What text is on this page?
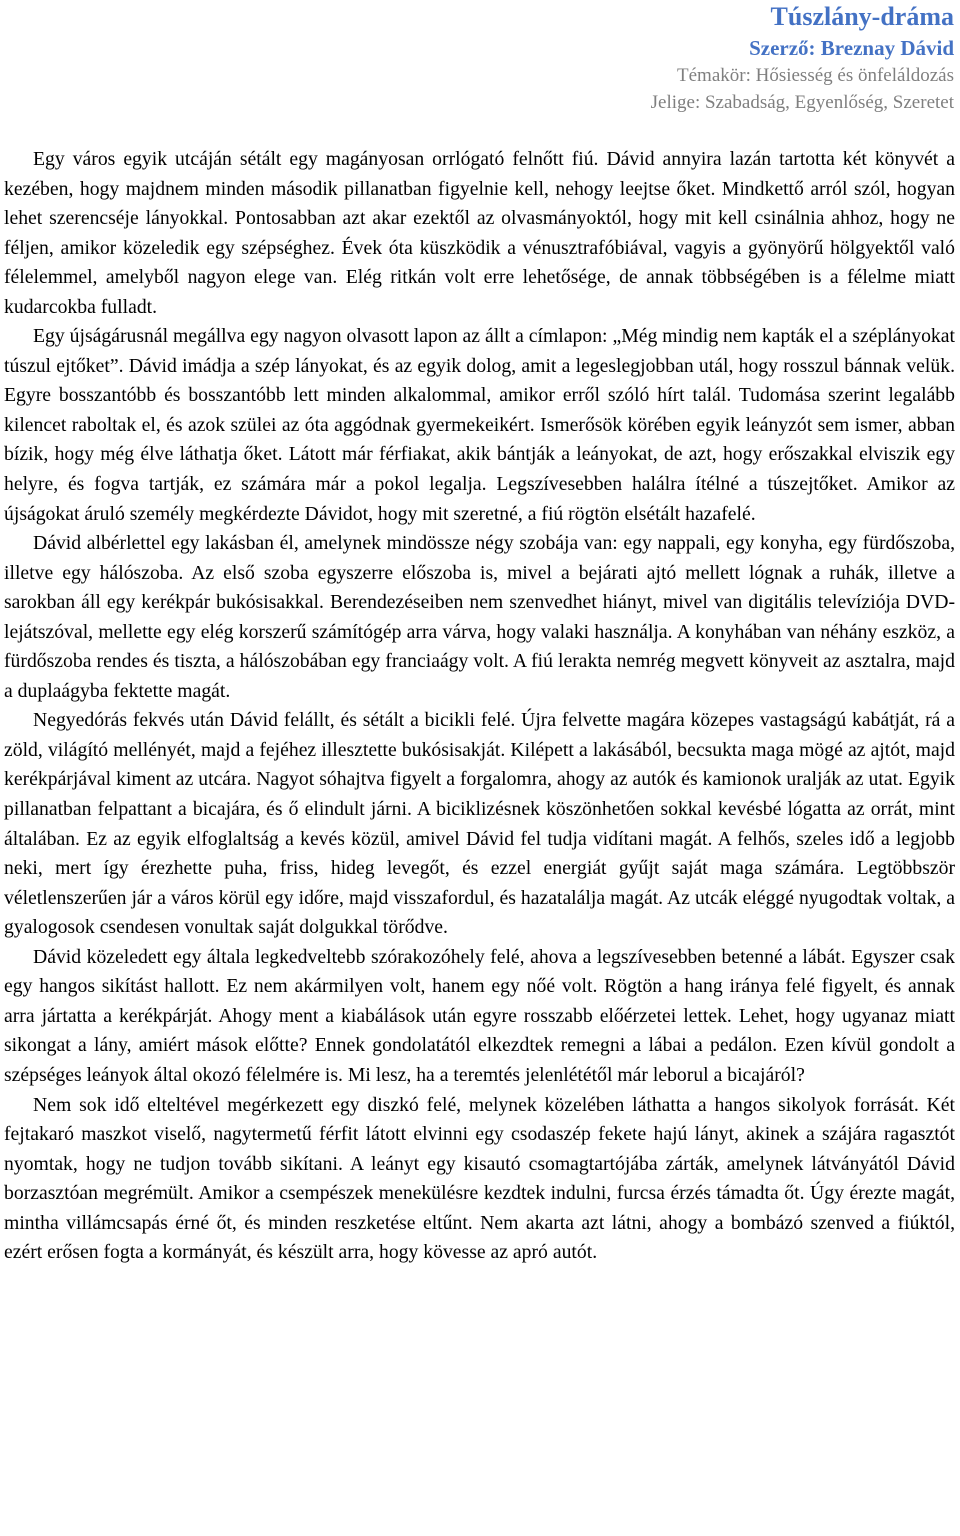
Túszlány-dráma
Szerző: Breznay Dávid
Témakör: Hősiesség és önfeláldozás
Jelige: Szabadság, Egyenlőség, Szeretet

Egy város egyik utcáján sétált egy magányosan orrlógató felnőtt fiú. Dávid annyira lazán tartotta két könyvét a kezében, hogy majdnem minden második pillanatban figyelnie kell, nehogy leejtse őket. Mindkettő arról szól, hogyan lehet szerencséje lányokkal. Pontosabban azt akar ezektől az olvasmányoktól, hogy mit kell csinálnia ahhoz, hogy ne féljen, amikor közeledik egy szépséghez. Évek óta küszködik a vénusztrafóbiával, vagyis a gyönyörű hölgyektől való félelemmel, amelyből nagyon elege van. Elég ritkán volt erre lehetősége, de annak többségében is a félelme miatt kudarcokba fulladt.

Egy újságárusnál megállva egy nagyon olvasott lapon az állt a címlapon: „Még mindig nem kapták el a széplányokat túszul ejtőket”. Dávid imádja a szép lányokat, és az egyik dolog, amit a legeslegjobban utál, hogy rosszul bánnak velük. Egyre bosszantóbb és bosszantóbb lett minden alkalommal, amikor erről szóló hírt talál. Tudomása szerint legalább kilencet raboltak el, és azok szülei az óta aggódnak gyermekeikért. Ismerősök körében egyik leányzót sem ismer, abban bízik, hogy még élve láthatja őket. Látott már férfiakat, akik bántják a leányokat, de azt, hogy erőszakkal elviszik egy helyre, és fogva tartják, ez számára már a pokol legalja. Legszívesebben halálra ítélné a túszejtőket. Amikor az újságokat áruló személy megkérdezte Dávidot, hogy mit szeretné, a fiú rögtön elsétált hazafelé.

Dávid albérlettel egy lakásban él, amelynek mindössze négy szobája van: egy nappali, egy konyha, egy fürdőszoba, illetve egy hálószoba. Az első szoba egyszerre előszoba is, mivel a bejárati ajtó mellett lógnak a ruhák, illetve a sarokban áll egy kerékpár bukósisakkal. Berendezéseiben nem szenvedhet hiányt, mivel van digitális televíziója DVD-lejátszóval, mellette egy elég korszerű számítógép arra várva, hogy valaki használja. A konyhában van néhány eszköz, a fürdőszoba rendes és tiszta, a hálószobában egy franciaágy volt. A fiú lerakta nemrég megvett könyveit az asztalra, majd a duplaágyba fektette magát.

Negyedórás fekvés után Dávid felállt, és sétált a bicikli felé. Újra felvette magára közepes vastagságú kabátját, rá a zöld, világító mellényét, majd a fejéhez illesztette bukósisakját. Kilépett a lakásából, becsukta maga mögé az ajtót, majd kerékpárjával kiment az utcára. Nagyot sóhajtva figyelt a forgalomra, ahogy az autók és kamionok uralják az utat. Egyik pillanatban felpattant a bicajára, és ő elindult járni. A biciklizésnek köszönhetően sokkal kevésbé lógatta az orrát, mint általában. Ez az egyik elfoglaltság a kevés közül, amivel Dávid fel tudja vidítani magát. A felhős, szeles idő a legjobb neki, mert így érezhette puha, friss, hideg levegőt, és ezzel energiát gyűjt saját maga számára. Legtöbbször véletlenszerűen jár a város körül egy időre, majd visszafordul, és hazatalálja magát. Az utcák eléggé nyugodtak voltak, a gyalogosok csendesen vonultak saját dolgukkal törődve.

Dávid közeledett egy általa legkedveltebb szórakozóhely felé, ahova a legszívesebben betenné a lábát. Egyszer csak egy hangos sikítást hallott. Ez nem akármilyen volt, hanem egy nőé volt. Rögtön a hang iránya felé figyelt, és annak arra jártatta a kerékpárját. Ahogy ment a kiabálások után egyre rosszabb előérzetei lettek. Lehet, hogy ugyanaz miatt sikongat a lány, amiért mások előtte? Ennek gondolatától elkezdtek remegni a lábai a pedálon. Ezen kívül gondolt a szépséges leányok által okozó félelmére is. Mi lesz, ha a teremtés jelenlététől már leborul a bicajáról?

Nem sok idő elteltével megérkezett egy diszkó felé, melynek közelében láthatta a hangos sikolyok forrását. Két fejtakaró maszkot viselő, nagytermetű férfit látott elvinni egy csodaszép fekete hajú lányt, akinek a szájára ragasztót nyomtak, hogy ne tudjon tovább sikítani. A leányt egy kisautó csomagtartójába zárták, amelynek látványától Dávid borzasztóan megrémült. Amikor a csempészek menekülésre kezdtek indulni, furcsa érzés támadta őt. Úgy érezte magát, mintha villámcsapás érné őt, és minden reszketése eltűnt. Nem akarta azt látni, ahogy a bombázó szenved a fiúktól, ezért erősen fogta a kormányát, és készült arra, hogy kövesse az apró autót.
